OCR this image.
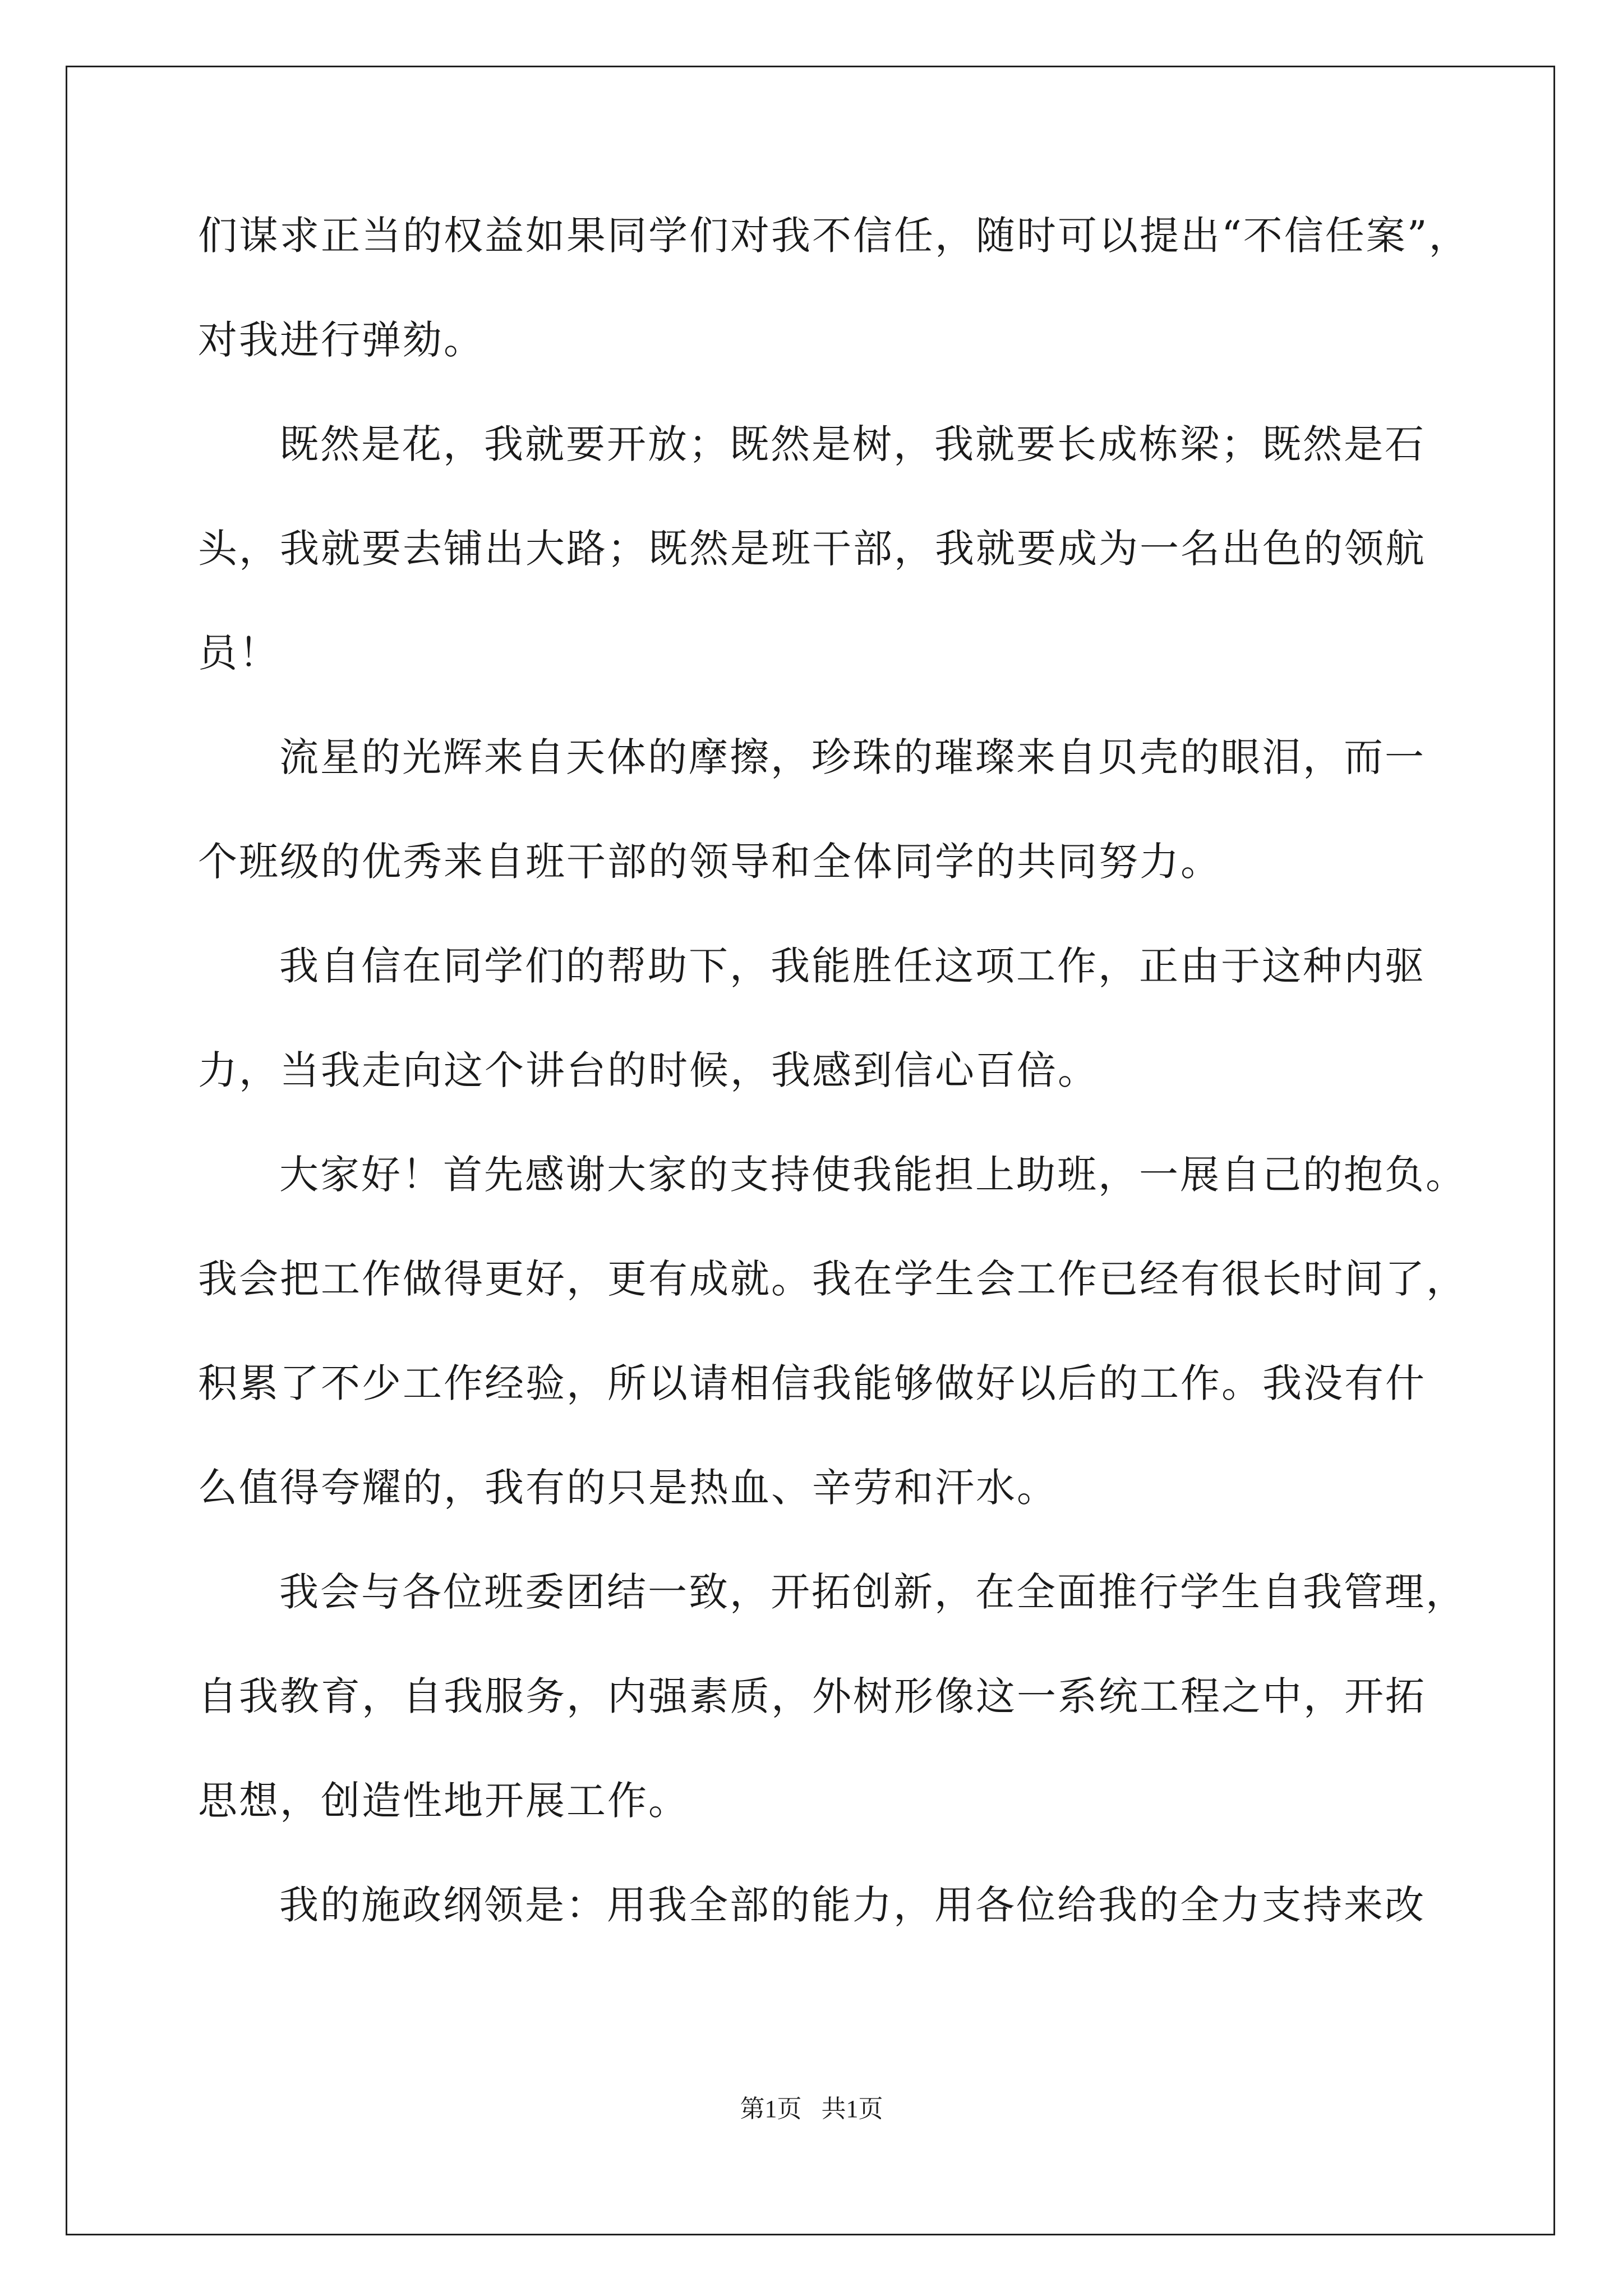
们谋求正当的权益如果同学们对我不信任，随时可以提出“不信任案”，
对我进行弹劾。
既然是花，我就要开放；既然是树，我就要长成栋梁；既然是石
头，我就要去铺出大路；既然是班干部，我就要成为一名出色的领航
员！
流星的光辉来自天体的摩擦，珍珠的璀璨来自贝壳的眼泪，而一
个班级的优秀来自班干部的领导和全体同学的共同努力。
我自信在同学们的帮助下，我能胜任这项工作，正由于这种内驱
力，当我走向这个讲台的时候，我感到信心百倍。
大家好！首先感谢大家的支持使我能担上助班，一展自己的抱负。
我会把工作做得更好，更有成就。我在学生会工作已经有很长时间了，
积累了不少工作经验，所以请相信我能够做好以后的工作。我没有什
么值得夸耀的，我有的只是热血、辛劳和汗水。
我会与各位班委团结一致，开拓创新，在全面推行学生自我管理，
自我教育，自我服务，内强素质，外树形像这一系统工程之中，开拓
思想，创造性地开展工作。
我的施政纲领是：用我全部的能力，用各位给我的全力支持来改
第1页 共1页
